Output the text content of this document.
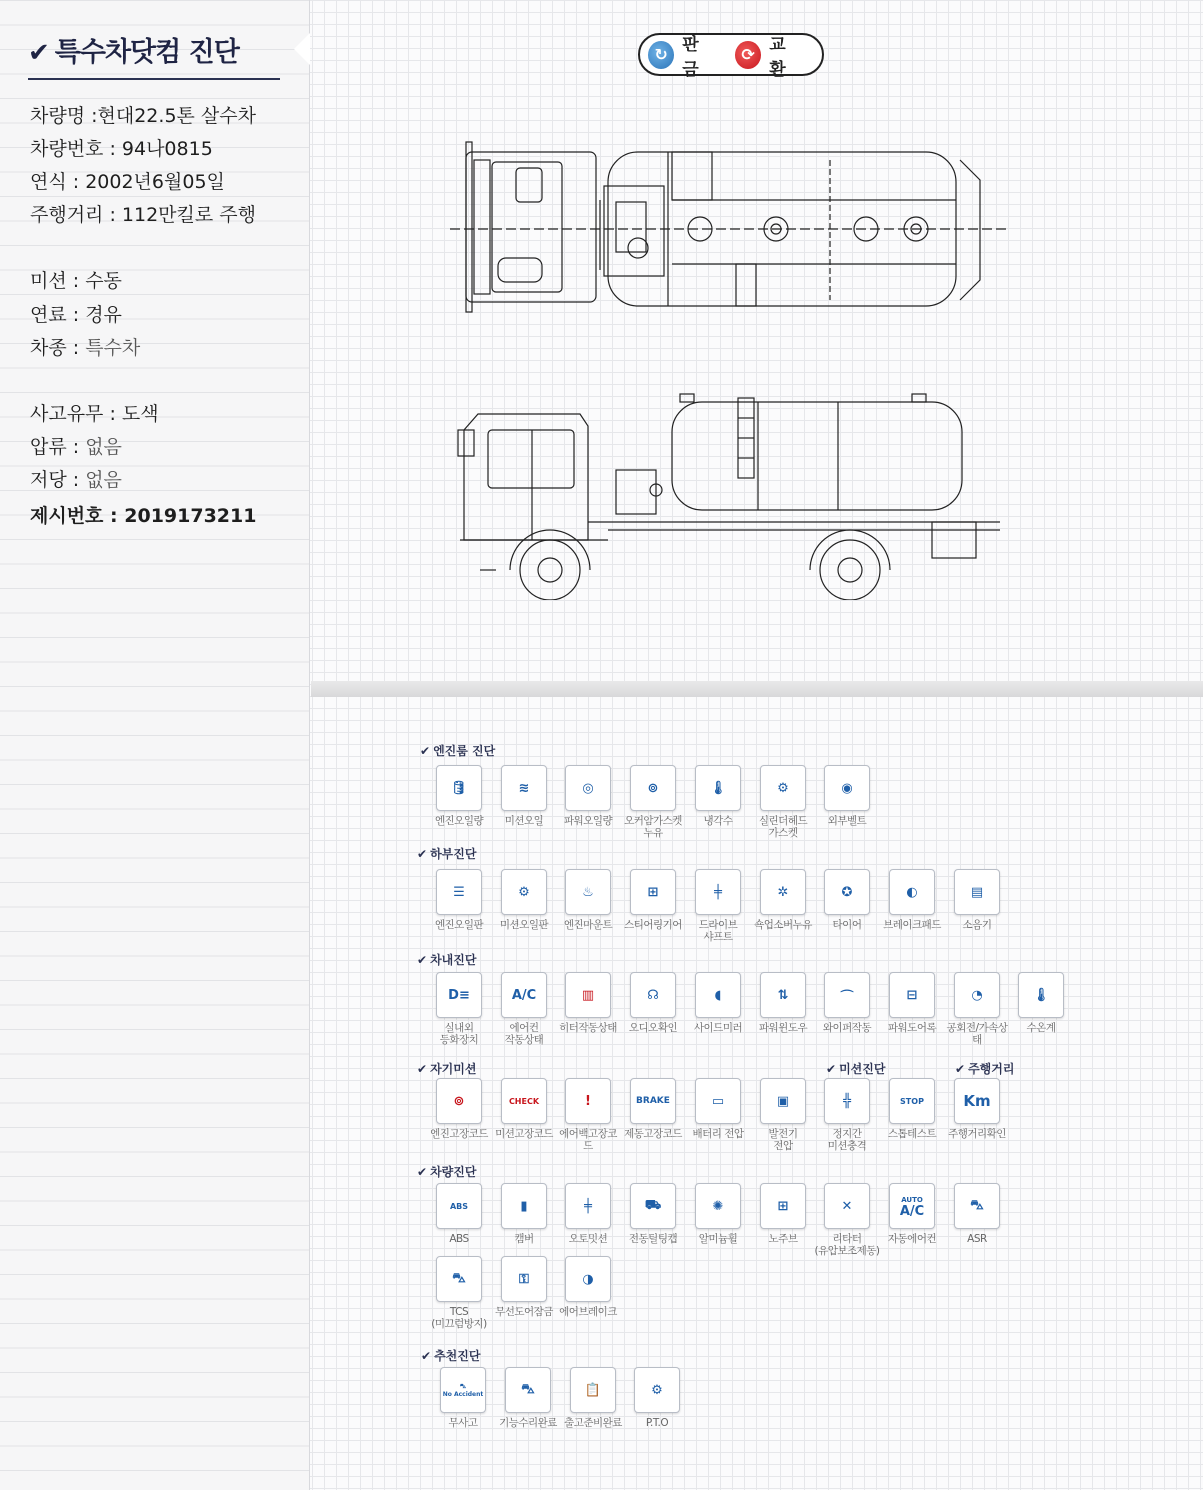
✔ 특수차닷컴 진단
차량명 :현대22.5톤 살수차
차량번호 : 94나0815
연식 : 2002년6월05일
주행거리 : 112만킬로 주행
미션 : 수동
연료 : 경유
차종 : 특수차
사고유무 : 도색
압류 : 없음
저당 : 없음
제시번호 : 2019173211
↻ 판금
⟳ 교환
✔ 엔진룸 진단
🛢
엔진오일량
≋
미션오일
◎
파워오일량
⊚
오커암가스켓
누유
🌡
냉각수
⚙
실린더헤드
가스켓
◉
외부벨트
✔ 하부진단
☰
엔진오일판
⚙
미션오일판
♨
엔진마운트
⊞
스티어링기어
╪
드라이브
샤프트
✲
쇽업소버누유
✪
타이어
◐
브레이크패드
▤
소음기
✔ 차내진단
D≡
실내외
등화장치
A/C
에어컨
작동상태
▥
히터작동상태
☊
오디오확인
◖
사이드미러
⇅
파워윈도우
⌒
와이퍼작동
⊟
파워도어록
◔
공회전/가속상태
🌡
수온계
✔ 자기미션	✔ 미션진단	✔ 주행거리
⊚
엔진고장코드
CHECK
미션고장코드
!
에어백고장코드
BRAKE
제동고장코드
▭
배터리 전압
▣
발전기
전압
╬
정지간
미션충격
STOP
스톱테스트
Km
주행거리확인
✔ 차량진단
ABS
ABS
▮
캠버
╪
오토밋션
⛟
전동틸팅캡
✺
알미늄휠
⊞
노주브
✕
리타터
(유압보조제동)
AUTO
A/C
자동에어컨
⛍
ASR
⛍
TCS
(미끄럼방지)
⚿
무선도어잠금
◑
에어브레이크
✔ 추천진단
⛍
No Accident
무사고
⛍
기능수리완료
📋
출고준비완료
⚙
P.T.O
